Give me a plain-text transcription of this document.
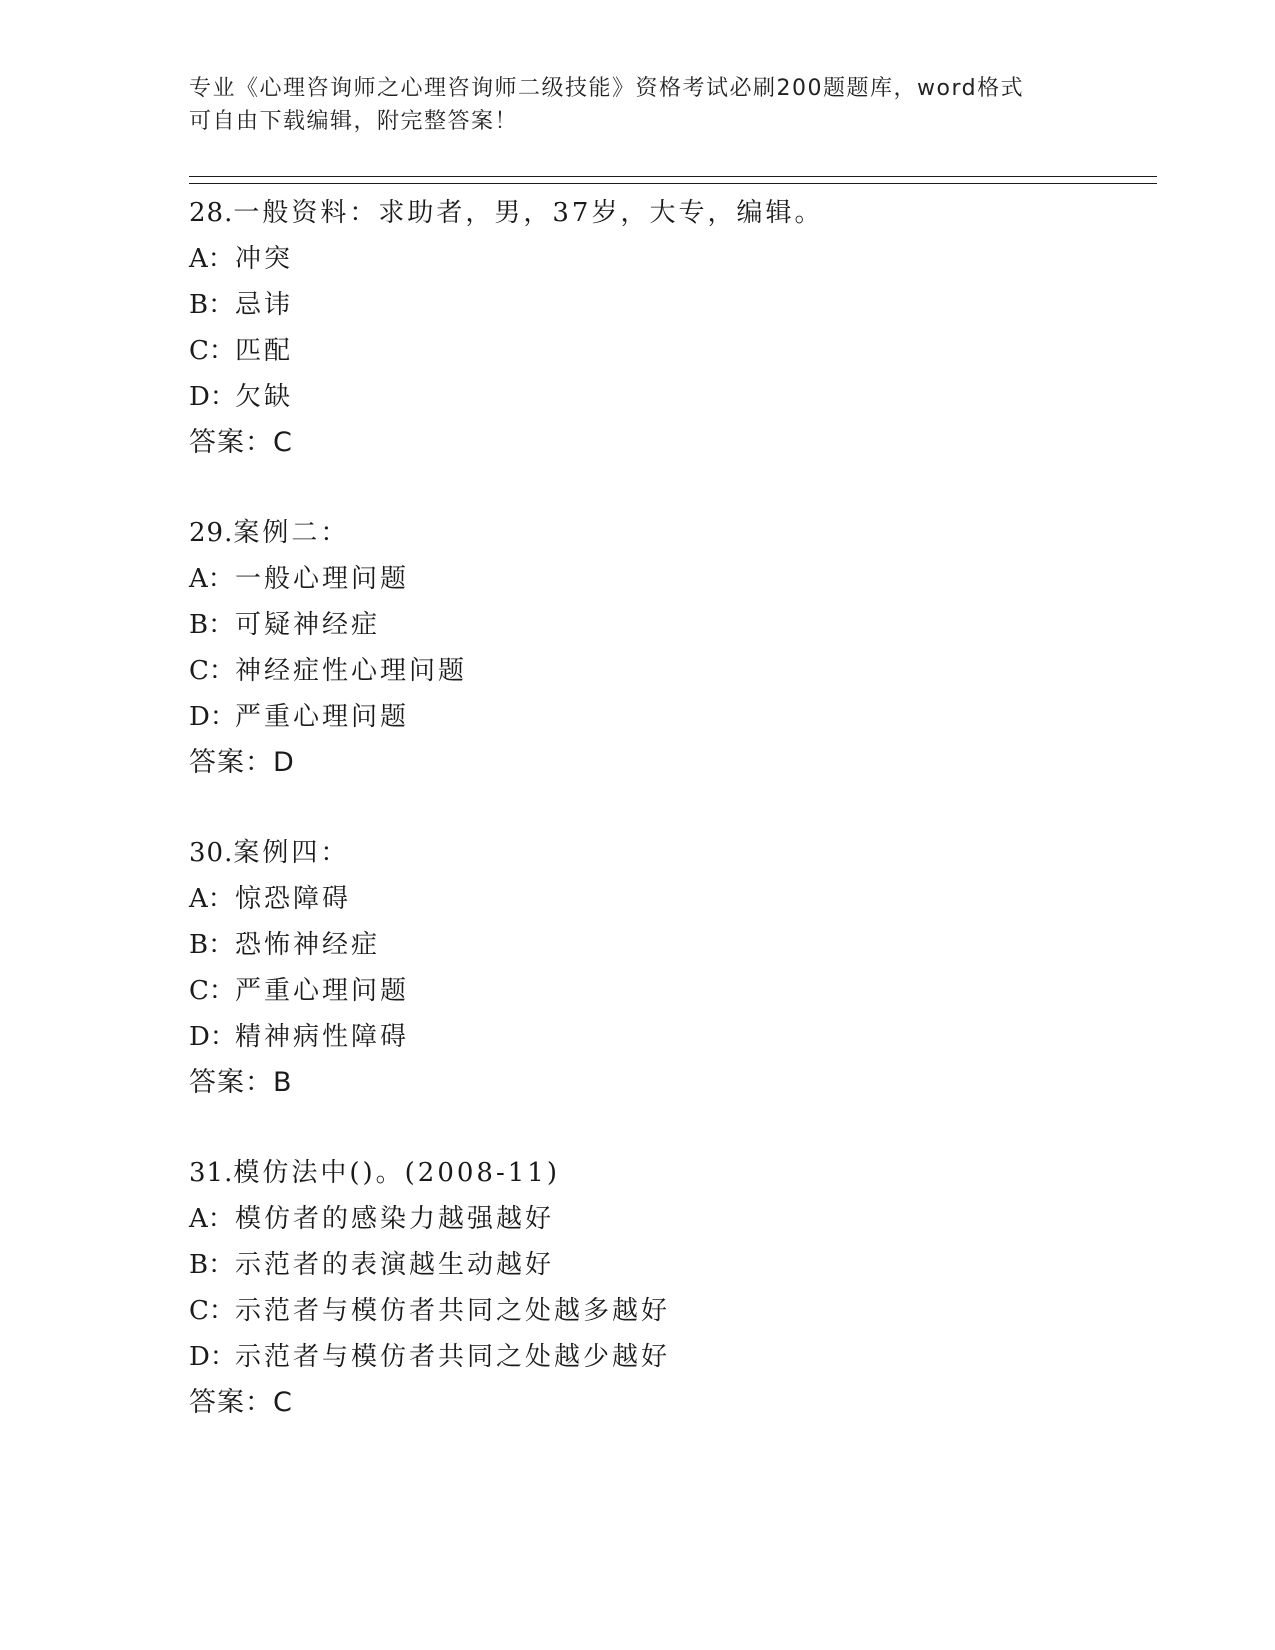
专业《心理咨询师之心理咨询师二级技能》资格考试必刷200题题库，word格式
可自由下载编辑，附完整答案！
28.一般资料：求助者，男，37岁，大专，编辑。
A：冲突
B：忌讳
C：匹配
D：欠缺
答案：C
29.案例二：
A：一般心理问题
B：可疑神经症
C：神经症性心理问题
D：严重心理问题
答案：D
30.案例四：
A：惊恐障碍
B：恐怖神经症
C：严重心理问题
D：精神病性障碍
答案：B
31.模仿法中()。(2008-11)
A：模仿者的感染力越强越好
B：示范者的表演越生动越好
C：示范者与模仿者共同之处越多越好
D：示范者与模仿者共同之处越少越好
答案：C
